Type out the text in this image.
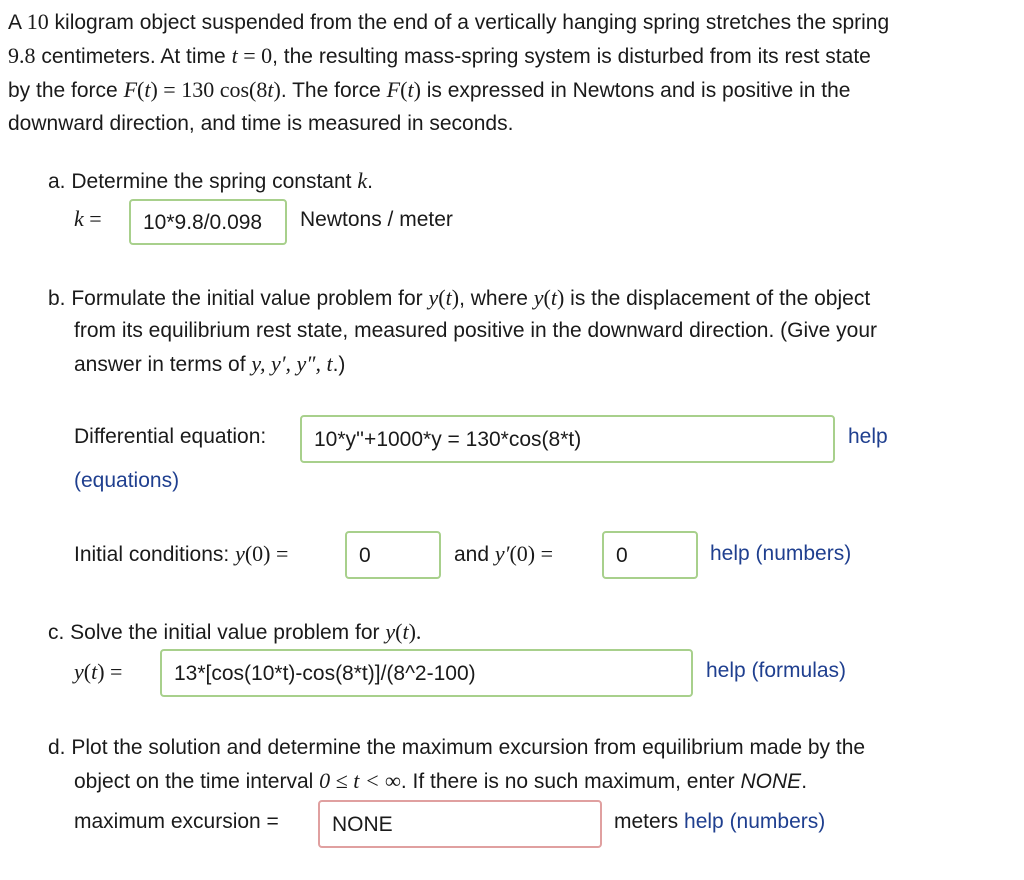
A 10 kilogram object suspended from the end of a vertically hanging spring stretches the spring
9.8 centimeters. At time t = 0, the resulting mass-spring system is disturbed from its rest state
by the force F(t) = 130 cos(8t). The force F(t) is expressed in Newtons and is positive in the
downward direction, and time is measured in seconds.
a. Determine the spring constant k.
k =	10*9.8/0.098	Newtons / meter
b. Formulate the initial value problem for y(t), where y(t) is the displacement of the object
from its equilibrium rest state, measured positive in the downward direction. (Give your
answer in terms of y, y′, y″, t.)
Differential equation:	10*y''+1000*y = 130*cos(8*t)	help
(equations)
Initial conditions: y(0) =	0	and y′(0) =	0	help (numbers)
c. Solve the initial value problem for y(t).
y(t) =	13*[cos(10*t)-cos(8*t)]/(8^2-100)	help (formulas)
d. Plot the solution and determine the maximum excursion from equilibrium made by the
object on the time interval 0 ≤ t < ∞. If there is no such maximum, enter NONE.
maximum excursion =	NONE	meters help (numbers)
